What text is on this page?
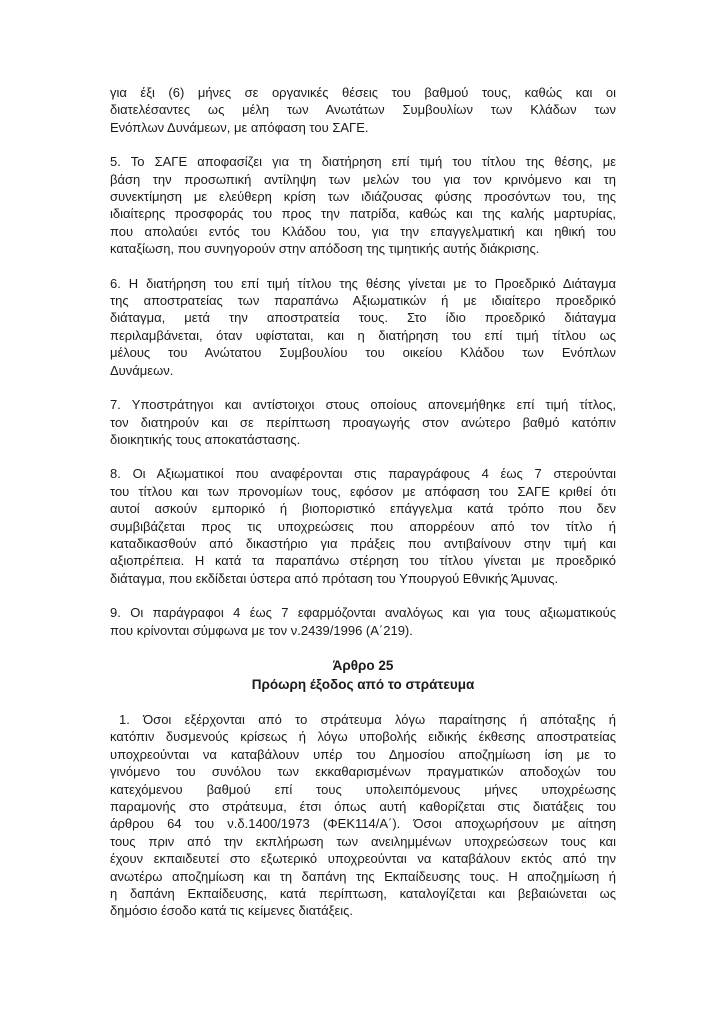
για έξι (6) μήνες σε οργανικές θέσεις του βαθμού τους, καθώς και οι
διατελέσαντες ως μέλη των Ανωτάτων Συμβουλίων των Κλάδων των
Ενόπλων Δυνάμεων, με απόφαση του ΣΑΓΕ.
5. Το ΣΑΓΕ αποφασίζει για τη διατήρηση επί τιμή του τίτλου της θέσης, με
βάση την προσωπική αντίληψη των μελών του για τον κρινόμενο και τη
συνεκτίμηση με ελεύθερη κρίση των ιδιάζουσας φύσης προσόντων του, της
ιδιαίτερης προσφοράς του προς την πατρίδα, καθώς και της καλής μαρτυρίας,
που απολαύει εντός του Κλάδου του, για την επαγγελματική και ηθική του
καταξίωση, που συνηγορούν στην απόδοση της τιμητικής αυτής διάκρισης.
6. Η διατήρηση του επί τιμή τίτλου της θέσης γίνεται με το Προεδρικό Διάταγμα
της αποστρατείας των παραπάνω Αξιωματικών ή με ιδιαίτερο προεδρικό
διάταγμα, μετά την αποστρατεία τους. Στο ίδιο προεδρικό διάταγμα
περιλαμβάνεται, όταν υφίσταται, και η διατήρηση του επί τιμή τίτλου ως
μέλους του Ανώτατου Συμβουλίου του οικείου Κλάδου των Ενόπλων
Δυνάμεων.
7. Υποστράτηγοι και αντίστοιχοι στους οποίους απονεμήθηκε επί τιμή τίτλος,
τον διατηρούν και σε περίπτωση προαγωγής στον ανώτερο βαθμό κατόπιν
διοικητικής τους αποκατάστασης.
8. Οι Αξιωματικοί που αναφέρονται στις παραγράφους 4 έως 7 στερούνται
του τίτλου και των προνομίων τους, εφόσον με απόφαση του ΣΑΓΕ κριθεί ότι
αυτοί ασκούν εμπορικό ή βιοποριστικό επάγγελμα κατά τρόπο που δεν
συμβιβάζεται προς τις υποχρεώσεις που απορρέουν από τον τίτλο ή
καταδικασθούν από δικαστήριο για πράξεις που αντιβαίνουν στην τιμή και
αξιοπρέπεια. Η κατά τα παραπάνω στέρηση του τίτλου γίνεται με προεδρικό
διάταγμα, που εκδίδεται ύστερα από πρόταση του Υπουργού Εθνικής Άμυνας.
9. Οι παράγραφοι 4 έως 7 εφαρμόζονται αναλόγως και για τους αξιωματικούς
που κρίνονται σύμφωνα με τον ν.2439/1996 (Α΄219).

Άρθρο 25

Πρόωρη έξοδος από το στράτευμα

1. Όσοι εξέρχονται από το στράτευμα λόγω παραίτησης ή απόταξης ή
κατόπιν δυσμενούς κρίσεως ή λόγω υποβολής ειδικής έκθεσης αποστρατείας
υποχρεούνται να καταβάλουν υπέρ του Δημοσίου αποζημίωση ίση με το
γινόμενο του συνόλου των εκκαθαρισμένων πραγματικών αποδοχών του
κατεχόμενου βαθμού επί τους υπολειπόμενους μήνες υποχρέωσης
παραμονής στο στράτευμα, έτσι όπως αυτή καθορίζεται στις διατάξεις του
άρθρου 64 του ν.δ.1400/1973 (ΦΕΚ114/Α΄). Όσοι αποχωρήσουν με αίτηση
τους πριν από την εκπλήρωση των ανειλημμένων υποχρεώσεων τους και
έχουν εκπαιδευτεί στο εξωτερικό υποχρεούνται να καταβάλουν εκτός από την
ανωτέρω αποζημίωση και τη δαπάνη της Εκπαίδευσης τους. Η αποζημίωση ή
η δαπάνη Εκπαίδευσης, κατά περίπτωση, καταλογίζεται και βεβαιώνεται ως
δημόσιο έσοδο κατά τις κείμενες διατάξεις.
